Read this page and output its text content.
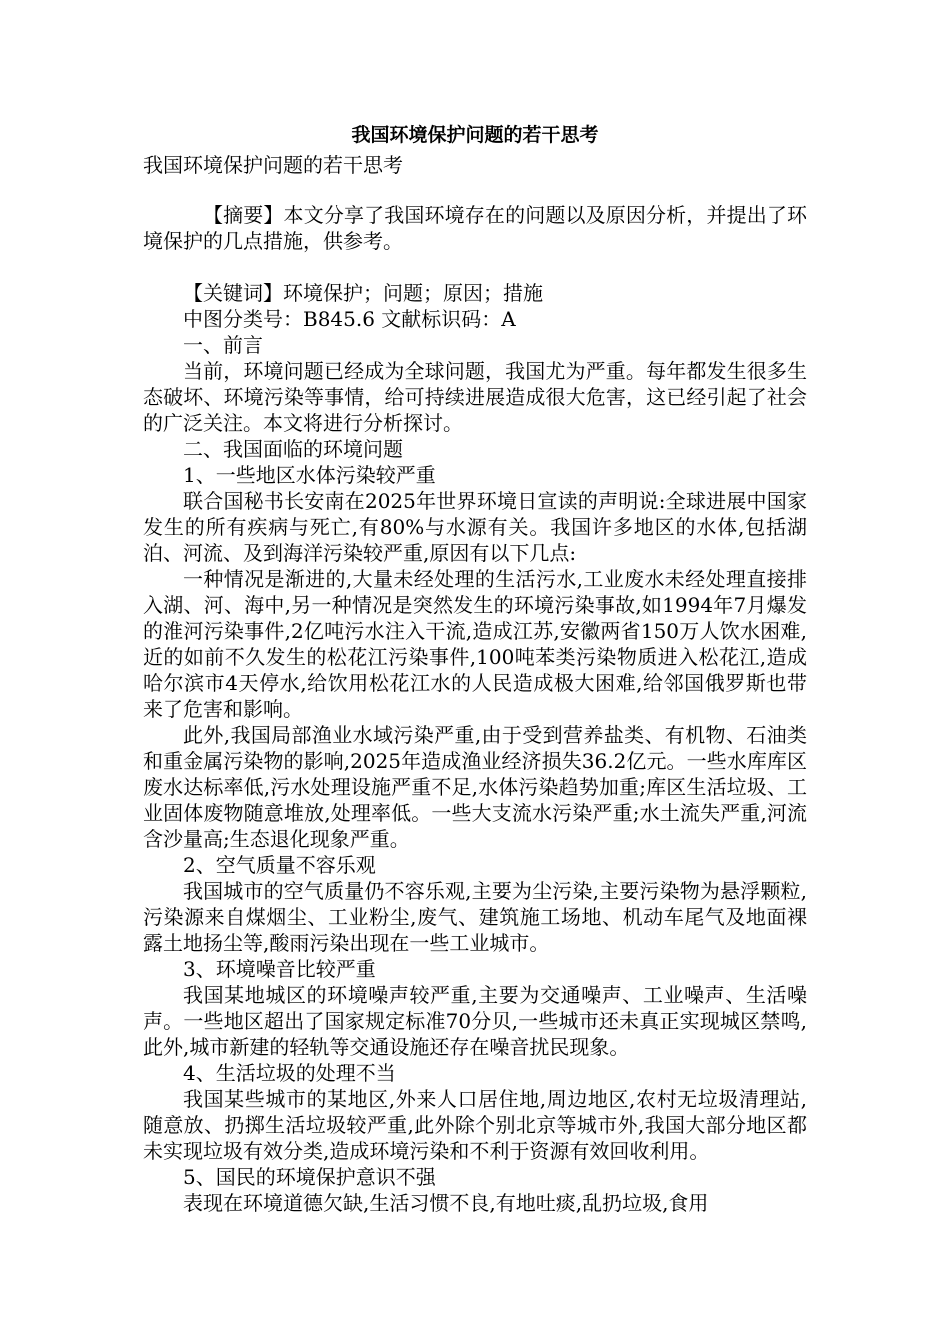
我国环境保护问题的若干思考

我国环境保护问题的若干思考

【摘要】本文分享了我国环境存在的问题以及原因分析，并提出了环境保护的几点措施，供参考。

【关键词】环境保护；问题；原因；措施

中图分类号：B845.6 文献标识码：A

一、前言

当前，环境问题已经成为全球问题，我国尤为严重。每年都发生很多生态破坏、环境污染等事情，给可持续进展造成很大危害，这已经引起了社会的广泛关注。本文将进行分析探讨。

二、我国面临的环境问题

1、一些地区水体污染较严重

联合国秘书长安南在2025年世界环境日宣读的声明说:全球进展中国家发生的所有疾病与死亡,有80%与水源有关。我国许多地区的水体,包括湖泊、河流、及到海洋污染较严重,原因有以下几点:

一种情况是渐进的,大量未经处理的生活污水,工业废水未经处理直接排入湖、河、海中,另一种情况是突然发生的环境污染事故,如1994年7月爆发的淮河污染事件,2亿吨污水注入干流,造成江苏,安徽两省150万人饮水困难,近的如前不久发生的松花江污染事件,100吨苯类污染物质进入松花江,造成哈尔滨市4天停水,给饮用松花江水的人民造成极大困难,给邻国俄罗斯也带来了危害和影响。

此外,我国局部渔业水域污染严重,由于受到营养盐类、有机物、石油类和重金属污染物的影响,2025年造成渔业经济损失36.2亿元。一些水库库区废水达标率低,污水处理设施严重不足,水体污染趋势加重;库区生活垃圾、工业固体废物随意堆放,处理率低。一些大支流水污染严重;水土流失严重,河流含沙量高;生态退化现象严重。

2、空气质量不容乐观

我国城市的空气质量仍不容乐观,主要为尘污染,主要污染物为悬浮颗粒,污染源来自煤烟尘、工业粉尘,废气、建筑施工场地、机动车尾气及地面裸露土地扬尘等,酸雨污染出现在一些工业城市。

3、环境噪音比较严重

我国某地城区的环境噪声较严重,主要为交通噪声、工业噪声、生活噪声。一些地区超出了国家规定标准70分贝,一些城市还未真正实现城区禁鸣,此外,城市新建的轻轨等交通设施还存在噪音扰民现象。

4、生活垃圾的处理不当

我国某些城市的某地区,外来人口居住地,周边地区,农村无垃圾清理站,随意放、扔掷生活垃圾较严重,此外除个别北京等城市外,我国大部分地区都未实现垃圾有效分类,造成环境污染和不利于资源有效回收利用。

5、国民的环境保护意识不强

表现在环境道德欠缺,生活习惯不良,有地吐痰,乱扔垃圾,食用
